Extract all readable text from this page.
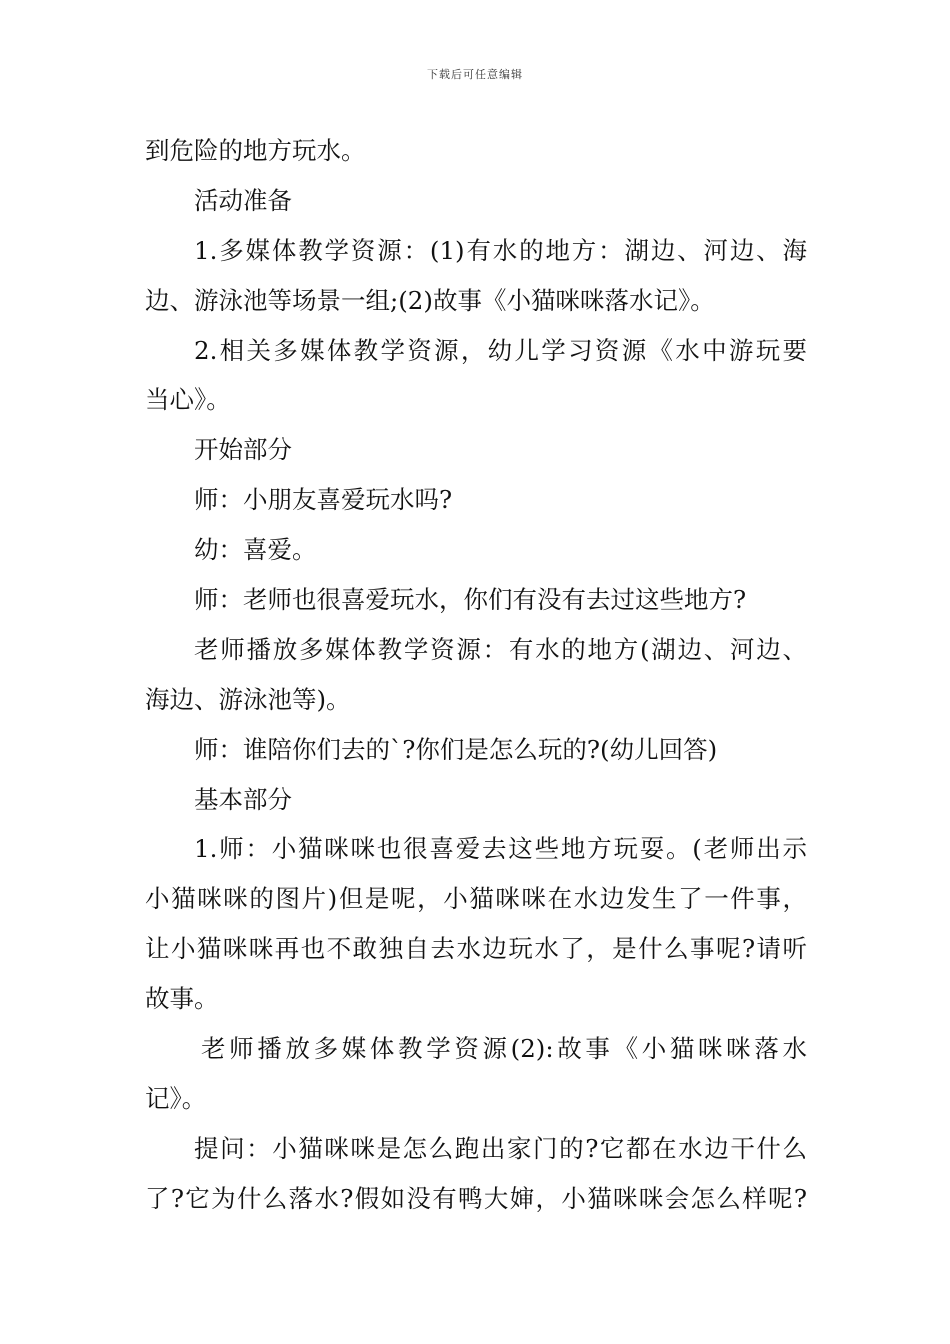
下载后可任意编辑
到危险的地方玩水。
活动准备
1.多媒体教学资源：(1)有水的地方：湖边、河边、海
边、游泳池等场景一组;(2)故事《小猫咪咪落水记》。
2.相关多媒体教学资源，幼儿学习资源《水中游玩要
当心》。
开始部分
师：小朋友喜爱玩水吗?
幼：喜爱。
师：老师也很喜爱玩水，你们有没有去过这些地方?
老师播放多媒体教学资源：有水的地方(湖边、河边、
海边、游泳池等)。
师：谁陪你们去的`?你们是怎么玩的?(幼儿回答)
基本部分
1.师：小猫咪咪也很喜爱去这些地方玩耍。(老师出示
小猫咪咪的图片)但是呢，小猫咪咪在水边发生了一件事，
让小猫咪咪再也不敢独自去水边玩水了，是什么事呢?请听
故事。
老师播放多媒体教学资源(2):故事《小猫咪咪落水
记》。
提问：小猫咪咪是怎么跑出家门的?它都在水边干什么
了?它为什么落水?假如没有鸭大婶，小猫咪咪会怎么样呢?
